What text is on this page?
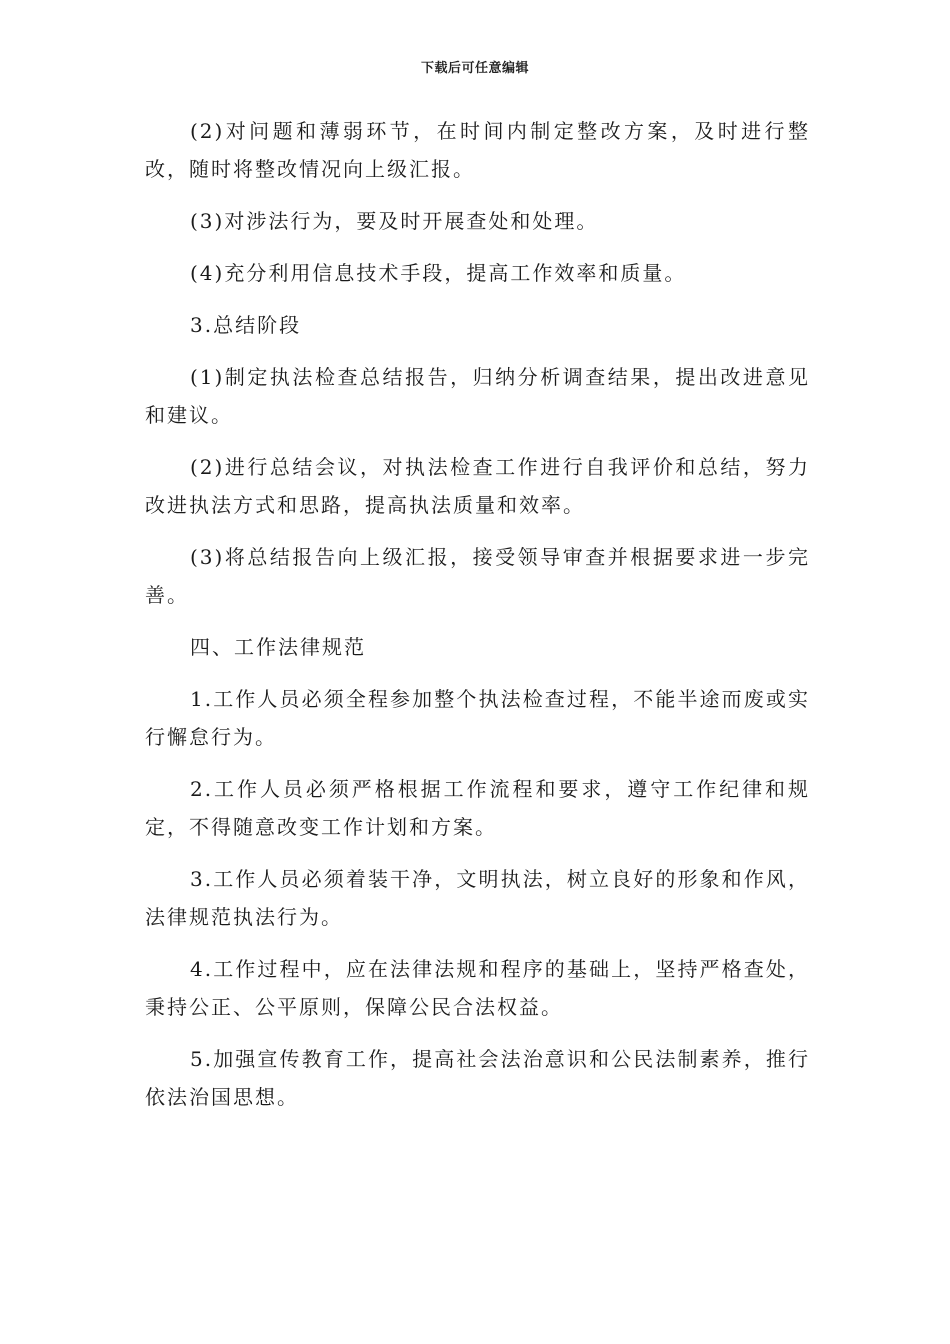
下载后可任意编辑

(2)对问题和薄弱环节，在时间内制定整改方案，及时进行整改，随时将整改情况向上级汇报。

(3)对涉法行为，要及时开展查处和处理。

(4)充分利用信息技术手段，提高工作效率和质量。

3.总结阶段

(1)制定执法检查总结报告，归纳分析调查结果，提出改进意见和建议。

(2)进行总结会议，对执法检查工作进行自我评价和总结，努力改进执法方式和思路，提高执法质量和效率。

(3)将总结报告向上级汇报，接受领导审查并根据要求进一步完善。

四、工作法律规范

1.工作人员必须全程参加整个执法检查过程，不能半途而废或实行懈怠行为。

2.工作人员必须严格根据工作流程和要求，遵守工作纪律和规定，不得随意改变工作计划和方案。

3.工作人员必须着装干净，文明执法，树立良好的形象和作风，法律规范执法行为。

4.工作过程中，应在法律法规和程序的基础上，坚持严格查处，秉持公正、公平原则，保障公民合法权益。

5.加强宣传教育工作，提高社会法治意识和公民法制素养，推行依法治国思想。
